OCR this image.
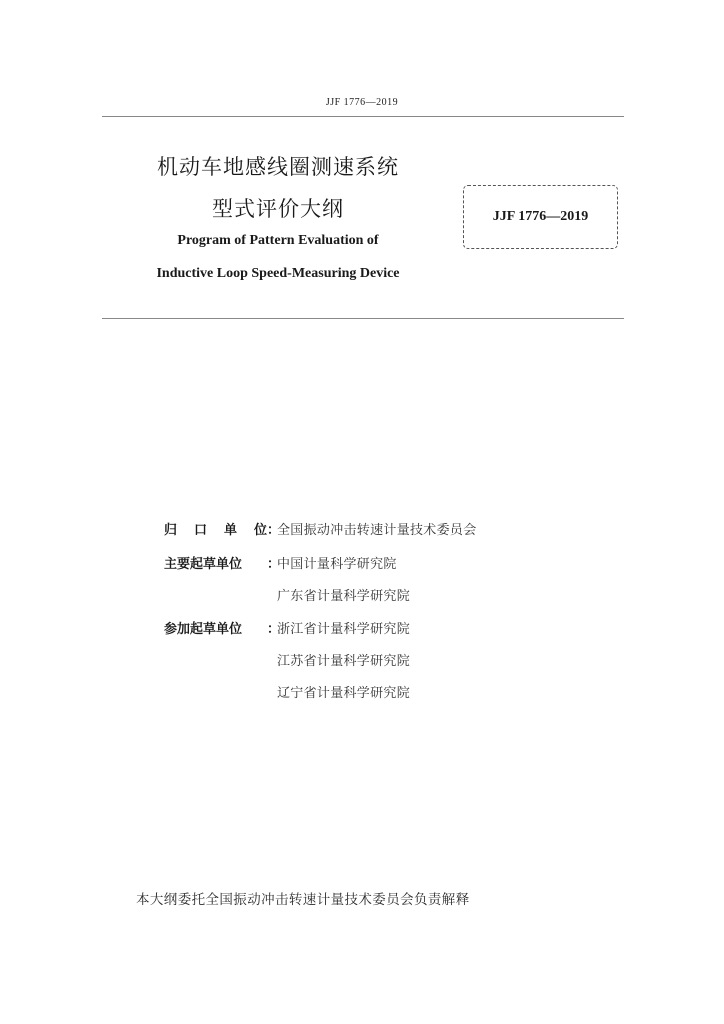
JJF 1776—2019
机动车地感线圈测速系统
型式评价大纲
Program of Pattern Evaluation of
Inductive Loop Speed-Measuring Device
JJF 1776—2019
归 口 单 位 ：
全国振动冲击转速计量技术委员会
主要起草单位	：
中国计量科学研究院
广东省计量科学研究院
参加起草单位	：
浙江省计量科学研究院
江苏省计量科学研究院
辽宁省计量科学研究院
本大纲委托全国振动冲击转速计量技术委员会负责解释
